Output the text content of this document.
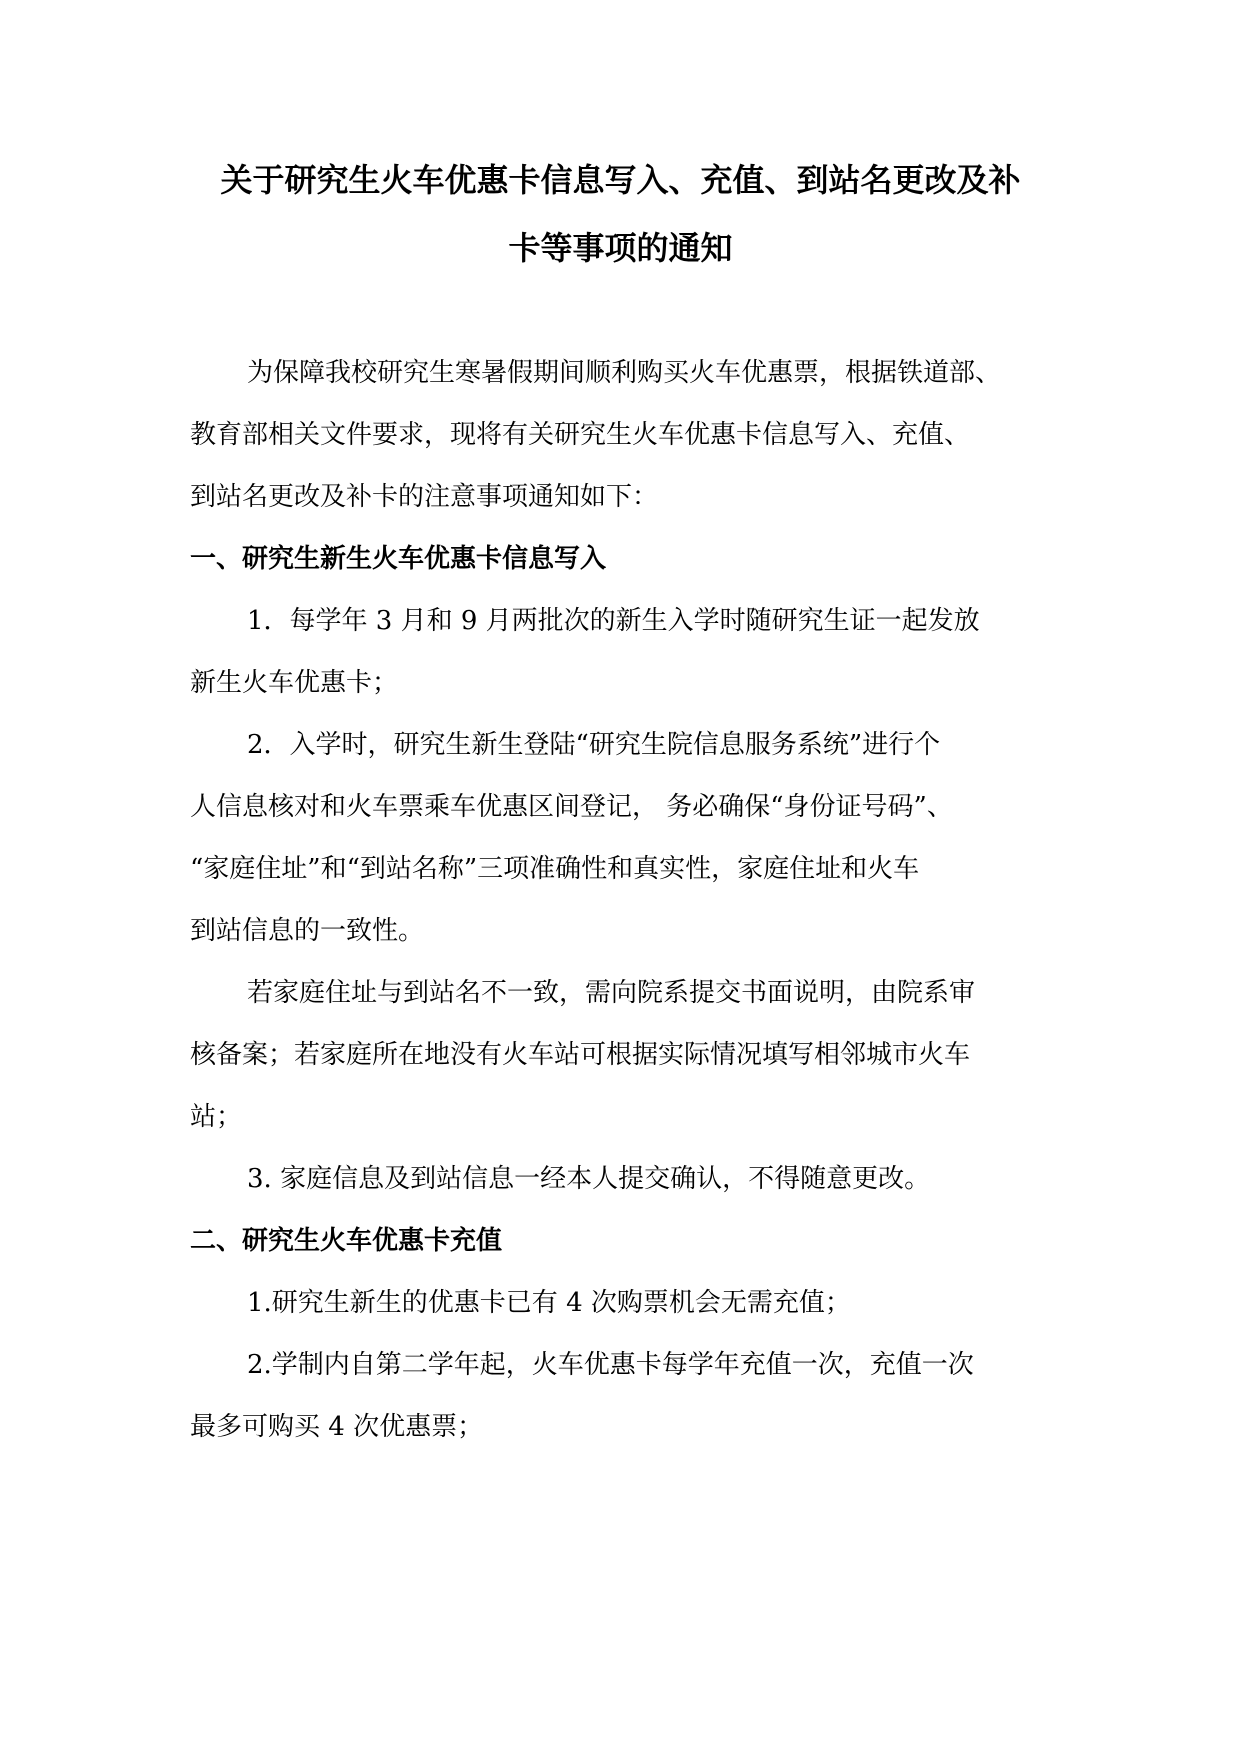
关于研究生火车优惠卡信息写入、充值、到站名更改及补
卡等事项的通知

为保障我校研究生寒暑假期间顺利购买火车优惠票，根据铁道部、

教育部相关文件要求，现将有关研究生火车优惠卡信息写入、充值、

到站名更改及补卡的注意事项通知如下：

一、研究生新生火车优惠卡信息写入

1．每学年 3 月和 9 月两批次的新生入学时随研究生证一起发放

新生火车优惠卡；

2．入学时，研究生新生登陆“研究生院信息服务系统”进行个

人信息核对和火车票乘车优惠区间登记， 务必确保“身份证号码”、

“家庭住址”和“到站名称”三项准确性和真实性，家庭住址和火车

到站信息的一致性。

若家庭住址与到站名不一致，需向院系提交书面说明，由院系审

核备案；若家庭所在地没有火车站可根据实际情况填写相邻城市火车

站；

3. 家庭信息及到站信息一经本人提交确认，不得随意更改。

二、研究生火车优惠卡充值

1.研究生新生的优惠卡已有 4 次购票机会无需充值；

2.学制内自第二学年起，火车优惠卡每学年充值一次，充值一次

最多可购买 4 次优惠票；
